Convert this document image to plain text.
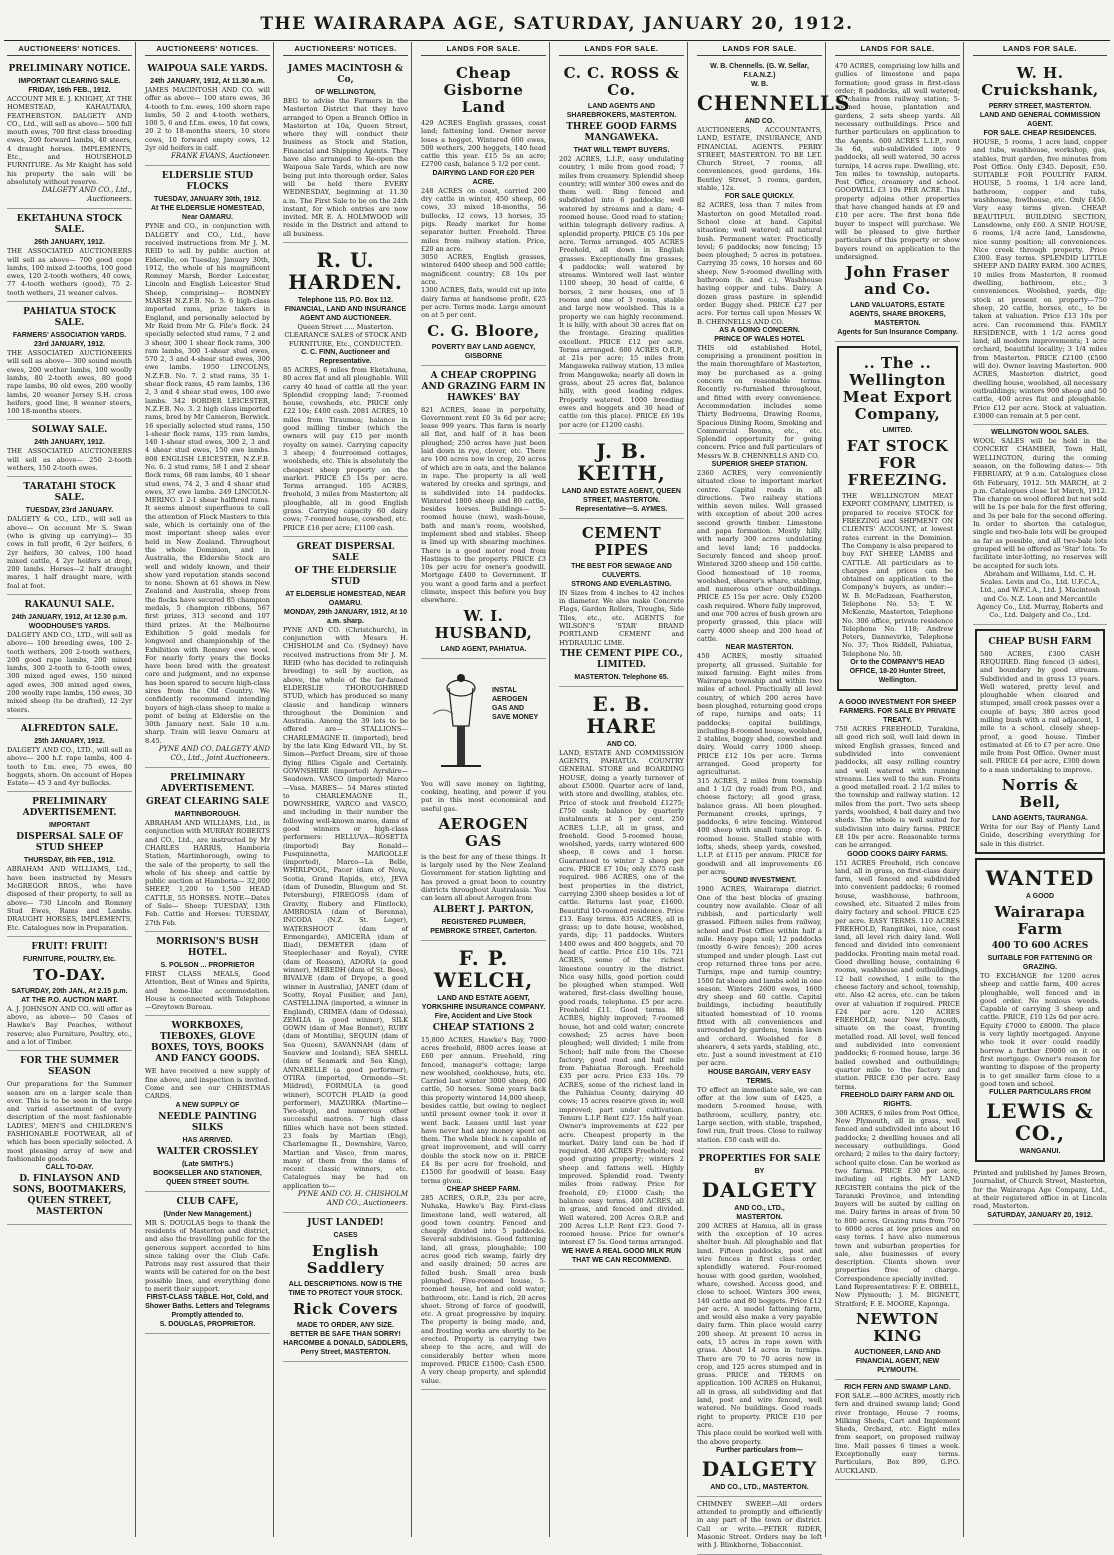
THE WAIRARAPA AGE, SATURDAY, JANUARY 20, 1912.
AUCTIONEERS' NOTICES.
PRELIMINARY NOTICE.
IMPORTANT CLEARING SALE.
FRIDAY, 16th FEB., 1912.

ACCOUNT MR E. J. KNIGHT, AT THE HOMESTEAD, KAHAUTARA, FEATHERSTON. DALGETY AND CO., Ltd., will sell as above— 500 full mouth ewes, 700 first class breeding ewes, 200 forward lambs, 40 steers, 4 draught horses. IMPLEMENTS, Etc., and HOUSEHOLD FURNITURE. As Mr Knight has sold his property the sale will be absolutely without reserve.

DALGETY AND CO., Ltd., Auctioneers.
EKETAHUNA STOCK SALE.
26th JANUARY, 1912.

THE ASSOCIATED AUCTIONEERS will sell as above— 700 good cope lambs, 100 mixed 2-tooths, 100 good ewes, 120 2-tooth wethers, 40 cows, 77 4-tooth wethers (good), 75 2-tooth wethers, 21 weaner calves.

PAHIATUA STOCK SALE.
FARMERS' ASSOCIATION YARDS.
23rd JANUARY, 1912.

THE ASSOCIATED AUCTIONEERS will sell as above— 300 sound mouth ewes, 200 wether lambs, 100 woolly lambs, 80 2-tooth ewes, 80 good rape lambs, 80 old ewes, 200 woolly lambs, 20 weaner Jersey S.H. cross heifers, good line, 8 weaner steers, 100 18-months steers.

SOLWAY SALE.
24th JANUARY, 1912.

THE ASSOCIATED AUCTIONEERS will sell as above— 250 2-tooth wethers, 150 2-tooth ewes.

TARATAHI STOCK SALE.
TUESDAY, 23rd JANUARY.

DALGETY & CO., LTD., will sell as above— On account Mr S. Swan (who is giving up carrying)— 35 cows in full profit, 6 2yr heifers, 6 2yr heifers, 30 calves, 100 head mixed cattle, 4 2yr heifers at drop, 200 lambs. Horses—2 half draught mares, 1 half draught mare, with foal at foot.

RAKAUNUI SALE.
24th JANUARY, 1912, At 12.30 p.m.
WOODHOUSE'S YARDS.

DALGETY AND CO., LTD., will sell as above— 100 breeding ewes, 100 2-tooth wethers, 200 2-tooth wethers, 200 good rape lambs, 200 mixed lambs, 300 2-tooth to 6-tooth ewes, 300 mixed aged ewes, 150 mixed aged ewes, 300 mixed aged ewes, 200 woolly rape lambs, 150 ewes, 30 mixed sheep (to be drafted), 12 2yr steers.

ALFREDTON SALE.
25th JANUARY, 1912.

DALGETY AND CO., LTD., will sell as above— 200 h.f. rape lambs, 400 4-tooth to f.m. ewe, 75 ewes, 80 hoggets, shorn. On account of Hopes Estate— 45 3 and 4yr bullocks.

PRELIMINARY ADVERTISEMENT.
IMPORTANT
DISPERSAL SALE OF STUD SHEEP
THURSDAY, 8th FEB., 1912.

ABRAHAM AND WILLIAMS, Ltd., have been instructed by Messrs McGREGOR BROS., who have disposed of their property, to sell as above— 730 Lincoln and Romney Stud Ewes, Rams and Lambs. DRAUGHT HORSES, IMPLEMENTS, Etc. Catalogues now in Preparation.

FRUIT! FRUIT!
FURNITURE, POULTRY, Etc.
TO-DAY.
SATURDAY, 20th JAN., At 2.15 p.m.
AT THE P.O. AUCTION MART.

A. J. JOHNSON AND CO. will offer as above, as above— 50 Cases of Hawke's Bay Peaches, without reserve; also Furniture, Poultry, etc., and a lot of Timber.

FOR THE SUMMER SEASON

Our preparations for the Summer season are on a larger scale than ever. This is to be seen in the large and varied assortment of every description of the most fashionable LADIES', MEN'S and CHILDREN'S FASHIONABLE FOOTWEAR, all of which has been specially selected. A most pleasing array of new and fashionable goods.

CALL TO-DAY.
D. FINLAYSON AND SONS, BOOTMAKERS, QUEEN STREET, MASTERTON
AUCTIONEERS' NOTICES.
WAIPOUA SALE YARDS.
24th JANUARY, 1912, At 11.30 a.m.

JAMES MACINTOSH AND CO. will offer as above— 100 store ewes, 36 4-tooth to f.m. ewes, 100 shorn rape lambs, 50 2 and 4-tooth wethers, 100 5, 6 and f.f.m. ewes, 10 fat cows, 20 2 to 18-months steers, 10 store cows, 10 forward empty cows, 12 2yr old heifers in calf.

FRANK EVANS, Auctioneer.
ELDERSLIE STUD FLOCKS
TUESDAY, JANUARY 30th, 1912.
At THE ELDERSLIE HOMESTEAD, Near OAMARU.

PYNE and CO., in conjunction with DALGETY and CO., Ltd., have received instructions from Mr J. M. REID to sell by public auction at Elderslie, on Tuesday, January 30th, 1912, the whole of his magnificent Romney Marsh, Border Leicester, Lincoln and English Leicester Stud Sheep, comprising— ROMNEY MARSH N.Z.F.B. No. 5. 6 high-class imported rams, prize takers in England, and personally selected by Mr Reid from Mr G. File's flock. 24 specially selected stud rams, 7 2 and 3 shear, 300 1 shear flock rams, 300 ram lambs, 300 1-shear stud ewes, 570 2, 3 and 4-shear stud ewes, 300 ewe lambs. 1950 LINCOLNS, N.Z.F.B. No. 7. 2 stud rams, 35 1-shear flock rams, 45 ram lambs, 136 2, 3 and 4 shear stud ewes, 100 ewe lambs. 342 BORDER LEICESTER, N.Z.F.B. No. 3. 2 high class imported rams, bred by Mr Cameron, Berwick. 16 specially selected stud rams, 150 1-shear flock rams, 135 ram lambs, 140 1-shear stud ewes, 300 2, 3 and 4 shear stud ewes, 150 ewe lambs. 808 ENGLISH LEICESTER, N.Z.F.B. No. 6. 2 stud rams, 58 1 and 2 shear flock rams, 68 ram lambs, 40 1 shear stud ewes, 74 2, 3 and 4 shear stud ewes, 37 ewe lambs. 249 LINCOLN-MERINO. 1 2-1 shear halfbred rams. It seems almost superfluous to call the attention of Flock Masters to this sale, which is certainly one of the most important sheep sales ever held in New Zealand. Throughout the whole Dominion, and in Australia, the Elderslie Stock are well and widely known, and their show yard reputation stands second to none. Shown at 61 shows in New Zealand and Australia, sheep from the flocks have secured 85 champion medals, 5 champion ribbons, 567 first prizes, 313 second and 107 third prizes. At the Melbourne Exhibition 5 gold medals for longwool and championship of the Exhibition with Romney ewe wool. For nearly forty years the flocks have been bred with the greatest care and judgment, and no expense has been spared to secure high-class sires from the Old Country. We confidently recommend intending buyers of high-class sheep to make a point of being at Elderslie on the 30th January next. Sale 10 a.m. sharp. Train will leave Oamaru at 8.45.

PYNE AND CO. DALGETY AND CO., Ltd., Joint Auctioneers.
PRELIMINARY ADVERTISEMENT.
GREAT CLEARING SALE
MARTINBOROUGH.

ABRAHAM AND WILLIAMS, Ltd., in conjunction with MURRAY ROBERTS and CO., Ltd., are instructed by Mr CHARLES HARRIS, Hamboria Station, Martinborough, owing to the sale of the property, to sell the whole of his sheep and cattle by public auction at Hamboria— 32,000 SHEEP, 1,200 to 1,500 HEAD CATTLE, 55 HORSES. NOTE—Dates of Sale— Sheep: TUESDAY, 13th Feb. Cattle and Horses: TUESDAY, 27th Feb.

MORRISON'S BUSH HOTEL.
S. POLSON ... PROPRIETOR

FIRST CLASS MEALS, Good Attention, Best of Wines and Spirits, and home-like accommodation. House is connected with Telephone—Greytown Bureau.

WORKBOXES, TIEBOXES, GLOVE BOXES, TOYS, BOOKS AND FANCY GOODS.

WE have received a new supply of fine above, and inspection is invited. Come and see our CHRISTMAS CARDS.

A NEW SUPPLY OF
NEEDLE PAINTING SILKS
HAS ARRIVED.
WALTER CROSSLEY
(Late SMITH'S.)
BOOKSELLER AND STATIONER, QUEEN STREET SOUTH.
CLUB CAFE,
(Under New Management.)

MR S. DOUGLAS begs to thank the residents of Masterton and district, and also the travelling public for the generous support accorded to him since taking over the Club Cafe. Patrons may rest assured that their wants will be catered for on the best possible lines, and everything done to merit their support.

FIRST-CLASS TABLE. Hot, Cold, and Shower Baths. Letters and Telegrams Promptly attended to.
S. DOUGLAS, PROPRIETOR.
AUCTIONEERS' NOTICES.
JAMES MACINTOSH & Co,
OF WELLINGTON,

BEG to advise the Farmers in the Masterton District that they have arranged to Open a Branch Office in Masterton at 10a, Queen Street, where they will conduct their business as Stock and Station, Financial and Shipping Agents. They have also arranged to Re-open the Waipoua Sale Yards, which are now being put into thorough order. Sales will be held there EVERY WEDNESDAY, beginning at 11.30 a.m. The First Sale to be on the 24th instant, for which entries are now invited. MR E. A. HOLMWOOD will reside in the District and attend to all business.

R. U. HARDEN.
Telephone 115. P.O. Box 112.
FINANCIAL, LAND AND INSURANCE AGENT AND AUCTIONEER.

Queen Street ..... Masterton. CLEARANCE SALES of STOCK AND FURNITURE, Etc., CONDUCTED.

C. C. FINN, Auctioneer and Representative.

85 ACRES, 6 miles from Eketahuna, 80 acres flat and all ploughable. Will carry 40 head of cattle all the year. Splendid cropping land; 7-roomed house, cowsheds, etc. PRICE only £22 10s; £400 cash. 2081 ACRES, 10 miles from Tiraumea; balance in good milling timber (which the owners will pay £15 per month royalty on same). Carrying capacity 3 sheep; 4 fourroomed cottages, woolsheds, etc. This is absolutely the cheapest sheep property on the market. PRICE £5 15s per acre. Terms arranged. 105 ACRES, freehold, 3 miles from Masterton; all ploughable, all in good English grass. Carrying capacity 60 dairy cows; 7-roomed house, cowshed, etc. PRICE £16 per acre; £1100 cash.

GREAT DISPERSAL SALE
OF THE ELDERSLIE STUD
AT ELDERSLIE HOMESTEAD, NEAR OAMARU.
MONDAY, 29th JANUARY, 1912, At 10 a.m. sharp.

PYNE AND CO. (Christchurch), in conjunction with Messrs H. CHISHOLM and Co. (Sydney) have received instructions from Mr J. M. REID (who has decided to relinquish breeding) to sell by auction, as above, the whole of the far-famed ELDERSLIE THOROUGHBRED STUD, which has produced so many classic and handicap winners throughout the Dominion and Australia. Among the 39 lots to be offered are— STALLIONS— CHARLEMAGNE II. (imported), bred by the late King Edward VII., by St. Simon—Perfect Dream, sire of those flying fillies Cigale and Certainly. GOWNSHIRE (imported) Ayrshire—Seadown. VASCO (imported) Marco—Vasa. MARES— 54 Mares stinted to CHARLEMAGNE II., DOWNSHIRE, VARCO and VASCO, and including in their number the following well-known mares, dams of good winners or high-class performers: HELLUVA—ROSETTA (imported) Bay Ronald—Fusquinnetta, MARGOLLE (imported), Marco—La Belle, WHIRLPOOL, Pacer (dam of Nova, Scotia, Grand Rapids, etc), JEVA (dam of Dunedin, Bluegum and St. Petersburg), FIREGOSS (dam of Gravity, Rubery and Flintlock), AMBROSIA (dam of Berenna), INCODA (N.Z. St. Leger), WATERSHOOT (dam of Ermengarde), AMICERA (dam of Iliad), DEMETER (dam of Steeplechaser and Royal), CYRE (dam of Reason), ADORA (a good winner), MEREDH (dam of St. Bees), BIVALVE (dam of Dryope, a good winner in Australia), JANET (dam of Scotty, Royal Fusilier, and Jan), CASTELLINA (imported, a winner in England), CRIMEA (dam of Odessa), ZEMLIA (a good winner), SILK GOWN (dam of Mae Bonnet), RUBY (dam of Montilla), SEQUIN (dam of Sea Queen), SAVANNAH (dam of Seaview and Iceland), SEA SHELL (dam of Seamark and Sea King), ANNABELLE (a good performer), OTIRA (imported, Ormonde—St. Mildred), FORMULA (a good winner), SCOTCH PLAID (a good performer), MAZURKA (Martine—Two-step), and numerous other successful matrons. 7 high class fillies which have not been stinted. 23 foals by Martian (Eng), Charlemagne II., Downshire, Varco, Martian and Vasco, from mares, many of them from the dams of recent classic winners, etc. Catalogues may be had on application to—

PYNE AND CO. H. CHISHOLM AND CO., Auctioneers.
JUST LANDED!
CASES
English Saddlery
ALL DESCRIPTIONS. NOW IS THE TIME TO PROTECT YOUR STOCK.
Rick Covers
MADE TO ORDER, ANY SIZE. BETTER BE SAFE THAN SORRY!
HARCOMBE & DONALD, SADDLERS, Perry Street, MASTERTON.
LANDS FOR SALE.
Cheap Gisborne Land

429 ACRES English grasses, coast land; fattening land. Owner never loses a hogget. Wintered 600 ewes, 500 wethers, 200 hoggets, 140 head cattle this year. £15 5s an acre; £2700 cash, balance 5 1/2 per cent.

DAIRYING LAND FOR £20 PER ACRE.

248 ACRES on coast, carried 200 dry cattle in winter, 450 sheep, 66 cows, 33 mixed 18-months, 56 bullocks, 12 cows, 13 horses, 35 pigs. Ready market for home separator butter. Freehold. Three miles from railway station. Price, £20 an acre.

3050 ACRES, English grasses, wintered 6400 sheep and 500 cattle; magnificent country; £8 10s per acre.

1300 ACRES, flats, would cut up into dairy farms at handsome profit. £25 per acre. Terms made. Large amount on at 5 per cent.

C. G. Bloore,
POVERTY BAY LAND AGENCY, GISBORNE
A CHEAP CROPPING AND GRAZING FARM IN HAWKES' BAY

821 ACRES, lease in perpetuity, Government rent £0 3s 6d per acre; lease 999 years. This farm is nearly all flat, and half of it has been ploughed; 250 acres have just been laid down in rye, clover, etc. There are 100 acres now in crop, 20 acres of which are in oats, and the balance in rape. The property is all well watered by creeks and springs, and is subdivided into 14 paddocks. Wintered 1800 sheep and 80 cattle, besides horses. Buildings— 5-roomed house (new), wash-house, bath and man's room, woolshed, implement shed and stables. Sheep is lined up with shearing machines. There is a good motor road from Hastings to the property. PRICE £3 10s per acre for owner's goodwill. Mortgage £400 to Government. If you want a good farm and a perfect climate, inspect this before you buy elsewhere.

W. I. HUSBAND,
LAND AGENT, PAHIATUA.
INSTAL AEROGEN GAS AND SAVE MONEY

You will save money on lighting, cooking, heating, and power if you put in this most economical and useful gas.

AEROGEN GAS

is the best for any of these things. It is largely used by the New Zealand Government for station lighting and has proved a great boon to country districts throughout Australasia. You can learn all about Aerogen from

ALBERT J. PARTON,
REGISTERED PLUMBER, PEMBROKE STREET, Carterton.
F. P. WELCH,
LAND AND ESTATE AGENT, YORKSHIRE INSURANCE COMPANY. Fire, Accident and Live Stock
CHEAP STATIONS 2

15,800 ACRES, Hawke's Bay, 7000 acres freehold, 8800 acres lease at £60 per annum. Freehold, ring fenced, manager's cottage; large new woolshed, cookhouse, huts, etc. Carried last winter 3000 sheep, 600 cattle, 50 horses. Some years back this property wintered 14,000 sheep, besides cattle, but owing to neglect until present owner took it over it went back. Leases until last year have never had any money spent on them. The whole block is capable of great improvement, and will carry double the stock now on it. PRICE £4 8s per acre for freehold, and £1500 for goodwill of lease. Easy terms given.

CHEAP SHEEP FARM.

285 ACRES, O.R.P., 23s per acre, Nuhaka, Hawke's Bay. First-class limestone land, well watered, all good town country. Fenced and cheaply divided into 5 paddocks. Several subdivisions. Good fattening land, all grass, ploughable; 100 acres good rich swamp, fairly dry and easily drained; 50 acres are felled bush. Small area bush ploughed. Five-roomed house, 5-roomed house, hot and cold water, bathroom, etc. Land is rich, 20 acres shoot. Strong of force of goodwill, etc. A great progressive by inquiry. The property is being made, and, and frosting works are shortly to be erected. Property is carrying two sheep to the acre, and will do considerably better when more improved. PRICE £1500; Cash £500. A very cheap property, and splendid value.

LANDS FOR SALE.
C. C. ROSS & Co.
LAND AGENTS AND SHAREBROKERS, MASTERTON.
THREE GOOD FARMS MANGAWEKA.
THAT WILL TEMPT BUYERS.

202 ACRES, L.I.P., easy undulating country, 1 mile from good road; 7 miles from creamery. Splendid sheep country; will winter 300 ewes and do them well. Ring fenced and subdivided into 6 paddocks; well watered by streams and a dam; 4-roomed house. Good road to station; within telegraph delivery radius. A splendid property. PRICE £5 10s per acre. Terms arranged. 405 ACRES Freehold, all down in English grasses. Exceptionally fine grasses; 4 paddocks; well watered by streams. Wintered well last winter 1100 sheep, 30 head of cattle, 6 horses, 2 new houses, one of 5 rooms and one of 3 rooms, stable and large new woolshed. This is a property we can highly recommend. It is hilly, with about 30 acres flat on the frontage. Grazing qualities excellent. PRICE £12 per acre. Terms arranged. 600 ACRES O.R.P., at 21s per acre; 15 miles from Mangaweka railway station, 13 miles from Mangaweka; nearly all down in grass, about 25 acres flat, balance hilly, with good leading ridges. Properly watered. 1000 breeding ewes and hoggets and 30 head of cattle (on this place). PRICE £6 10s per acre (or £1200 cash).

J. B. KEITH,
LAND AND ESTATE AGENT, QUEEN STREET, MASTERTON.
Representative—S. AYMES.
CEMENT PIPES
THE BEST FOR SEWAGE AND CULVERTS.
STRONG AND EVERLASTING.

IN Sizes from 4 inches to 42 inches in diameter. We also make Concrete Flags, Garden Rollers, Troughs, Side Tiles, etc., etc. AGENTS for WILSON'S 'STAR' BRAND PORTLAND CEMENT and HYDRAULIC LIME.

THE CEMENT PIPE CO., LIMITED.
MASTERTON. Telephone 65.
E. B. HARE
AND CO.

LAND, ESTATE AND COMMISSION AGENTS, PAHIATUA. COUNTRY GENERAL STORE and BOARDING HOUSE, doing a yearly turnover of about £5000. Quarter acre of land, with store and dwelling, stables, etc. Price of stock and freehold £1275; £750 cash; balance by quarterly instalments at 5 per cent. 250 ACRES L.I.P., all in grass, and freehold. Good 5-roomed house, woolshed, yards, carry wintered 600 sheep, 8 cows and 1 horse. Guaranteed to winter 2 sheep per acre. PRICE £7 10s; only £575 cash required. 986 ACRES, one of the best properties in the district, carrying 2300 sheep besides a lot of cattle. Returns last year, £1600. Beautiful 10-roomed residence. Price £13. Easy terms. 835 ACRES, all in grass; up to date house, woolshed, yards, dip; 11 paddocks. Winters 1400 ewes and 400 hoggets, and 70 head of cattle. Price £10 10s. 721 ACRES, some of the richest limestone country in the district. Nice easy hills, good portion could be ploughed when stumped. Well watered, first-class dwelling house, good roads, telephone. £5 per acre. Freehold £11. Good terms. 88 ACRES, highly improved; 7-roomed house, hot and cold water; concrete cowshed; 25 acres have been ploughed; well divided; 1 mile from School; half mile from the Cheese factory; good road and half mile from Pahiatua Borough. Freehold £35 per acre. Price £33 10s. 79 ACRES, some of the richest land in the Pahiatua County, dairying 40 cows; 15 acres reserve given in; well improved; part under cultivation. Tenure L.I.P. Rent £27. 15s half year. Owner's improvements at £22 per acre. Cheapest property in the market. Dairy land can be had if required. 400 ACRES Freehold; real good grazing property; winters 2 sheep and fattens well. Highly improved. Splendid road. Twenty miles from railway. Price for freehold, £9; £1000 Cash; the balance easy terms. 400 ACRES, all in grass, and fenced and divided. Well watered. 200 Acres O.R.P. and 200 Acres L.I.P. Rent £23. Good 7-roomed house. Price for owner's interest £7 5s. Good terms arranged.

WE HAVE A REAL GOOD MILK RUN THAT WE CAN RECOMMEND.
LANDS FOR SALE.
W. B. Chennells. (G. W. Sellar, F.I.A.N.Z.)
W. B.
CHENNELLS
AND CO.

AUCTIONEERS, ACCOUNTANTS, LAND, ESTATE, INSURANCE, AND FINANCIAL AGENTS. PERRY STREET, MASTERTON. TO BE LET. Church Street, 7 rooms, all conveniences, good gardens, 16s. Bentley Street, 5 rooms, garden, stable, 12s.

FOR SALE QUICKLY.

82 ACRES, less than 7 miles from Masterton on good Metalled road. School close at hand. Capital situation; well watered; all natural bush. Permanent water. Practically level; 6 paddocks; now fencing; 15 been ploughed; 5 acres in potatoes. Carrying 35 cows, 10 horses and 60 sheep. New 5-roomed dwelling with bathroom (h. and c.). Washhouse having copper and tubs. Dairy. A dozen grass pasture in splendid order. Buggy shed. PRICE £27 per acre. For terms call upon Messrs W. B. CHENNELLS AND CO.

AS A GOING CONCERN.
PRINCE OF WALES HOTEL

THIS old established Hotel, comprising a prominent position in the main thoroughfare of Masterton, may be purchased as a going concern on reasonable terms. Recently re-furnished throughout, and fitted with every convenience. Accommodation includes some Thirty Bedrooms, Drawing Rooms, Spacious Dining Room, Smoking and Commercial Rooms, etc., etc. Splendid opportunity for going concern. Price and full particulars of Messrs W. B. CHENNELLS AND CO.

SUPERIOR SHEEP STATION.

2360 ACRES, very conveniently situated close to important market centre. Capital roads in all directions. Two railway stations within seven miles. Well grassed with exception of about 200 acres second growth timber. Limestone and papa formation. Mostly hilly, with nearly 300 acres undulating and level land; 16 paddocks. Securely fenced and sheep proof. Wintered 3200 sheep and 150 cattle. Good homestead of 10 rooms, woolshed, shearer's whare, stabling, and numerous other outbuildings. PRICE £5 15s per acre. Only £5200 cash required. Where fully improved, and one 700 acres of bush grown are properly grassed, this place will carry 4000 sheep and 200 head of cattle.

NEAR MASTERTON.

450 ACRES, mostly situated property, all grassed. Suitable for mixed farming. Eight miles from Wairarapa township and within two miles of school. Practically all level country, of which 200 acres have been ploughed, returning good crops of rape, turnips and oats; 11 paddocks; capital buildings, including 8-roomed house, woolshed, 2 stables, buggy shed, cowshed and dairy. Would carry 1000 sheep. PRICE £12 10s per acre. Terms arranged. Good property for agriculturist.

315 ACRES, 2 miles from township and 1 1/2 (by road) from P.O., and cheese factory; all good grass, balance grass. All been ploughed. Permanent creeks, springs, 7 paddocks, 6 wire fencing. Wintered 400 sheep with small tump crop. 6-roomed house. Stalled stable with lofts, sheds, sheep yards, cowshed, L.I.P. at £115 per annum. PRICE for goodwill and all improvements £6 per acre.

SOUND INVESTMENT.

1900 ACRES, Wairarapa district. One of the best blocks of grazing country now available. Clear of all rubbish, and particularly well grassed. Fifteen miles from railway, school and Post Office within half a mile. Heavy papa soil; 12 paddocks (mostly 6-wire fences); 200 acres stumped and under plough. Last cut crop returned three tons per acre. Turnips, rape and turnip country; 1500 fat sheep and lambs sold in one season. Winters 2600 ewes, 1600 dry sheep and 60 cattle. Capital buildings, including beautifully situated homestead of 10 rooms fitted with all conveniences and surrounded by gardens, tennis lawn and orchard. Woolshed for 8 shearers, 4 sets yards, stabling, etc., etc. Just a sound investment at £10 per acre.

HOUSE BARGAIN, VERY EASY TERMS.

TO effect an immediate sale, we can offer at the low sum of £425, a modern 5-roomed house, with bathroom, scullery, pantry, etc. Large section, with stable, trapshed, fowl run, fruit trees. Close to railway station. £50 cash will do.

PROPERTIES FOR SALE
BY
DALGETY
AND CO., LTD.,
MASTERTON.

200 ACRES at Hamua, all in grass with the exception of 10 acres shelter bush. All ploughable and flat land. Fifteen paddocks, post and wire fences in first class order, splendidly watered. Four-roomed house with good garden, woolshed, whare, cowshed. Access good, and close to school. Winters 300 ewes, 140 cattle and 80 hoggets. Price £12 per acre. A model fattening farm, and would also make a very payable dairy farm. Thin place would carry 200 sheep. At present 10 acres in oats, 15 acres in rape sown with grass. About 14 acres in turnips. There are 70 to 70 acres now in crop, and 125 acres stumped and in grass. PRICE and TERMS on application. 100 ACRES on Hukanui, all in grass, all subdividing and flat land, post and wire fenced, well watered. No buildings. Good roads right to property. PRICE £10 per acre.

This place could be worked well with the above property.

Further particulars from—
DALGETY
AND CO., LTD., MASTERTON.

CHIMNEY SWEEP.—All orders attended to promptly and efficiently in any part of the town or district. Call or write.—PETER RIDER, Masonic Street. Orders may be left with J. Blinkhorne, Tobacconist.

LANDS FOR SALE.

470 ACRES, comprising low hills and gullies of limestone and papa formation; good grass in first-class order; 8 paddocks, all well watered; 15 chains from railway station; 5-roomed house, plantation and gardens, 2 sets sheep yards. All necessary outbuildings. Price and further particulars on application to the Agents. 600 ACRES L.I.P., rent 3s 6d, sub-subdivided into 9 paddocks, all well watered, 30 acres turnips, 14 acres rape. Dwelling, etc. Ten miles to township, autoparts. Post Office, creamery and school. GOODWILL £3 10s PER ACRE. This property adjoins other properties that have changed hands at £9 and £10 per acre. The first bona fide buyer to inspect will purchase. We will be pleased to give further particulars of this property or show buyers round on application to the undersigned.

John Fraser and Co.
LAND VALUATORS, ESTATE AGENTS, SHARE BROKERS, MASTERTON.
Agents for Sun Insurance Company.
.. The .. Wellington Meat Export Company,
LIMITED.
FAT STOCK FOR FREEZING.

THE WELLINGTON MEAT EXPORT COMPANY, LIMITED, is prepared to receive STOCK for FREEZING and SHIPMENT ON CLIENTS' ACCOUNT, at lowest rates current in the Dominion. The Company is also prepared to buy FAT SHEEP, LAMBS and CATTLE. All particulars as to charges and prices can be obtained on application to the Company's buyers, as under:— W. B. McFadzean, Featherston, Telephone No. 53; T. W. McKenzie, Masterton, Telephone No. 306 office, private residence Telephone No. 118; Andrew Peters, Dannevirke, Telephone No. 37; Thos Riddell, Pahiatua, Telephone No. 50.

Or to the COMPANY'S HEAD OFFICE, 18-20 Hunter Street, Wellington.
A GOOD INVESTMENT FOR SHEEP FARMERS. FOR SALE BY PRIVATE TREATY.

750 ACRES FREEHOLD, Turakina, all good rich soil, well laid down in mixed English grasses, fenced and subdivided into convenient paddocks, all easy rolling country and well watered with running streams. Lies well to the sun. Fronts a good metalled road. 2 1/2 miles to the township and railway station. 12 miles from the port. Two sets sheep yards, woolshed, 4 bail dairy and two sheds. The whole is well suited for subdivision into dairy farms. PRICE £8 10s per acre. Reasonable terms can be arranged.

GOOD COOKS DAIRY FARMS.

151 ACRES Freehold, rich concave land, all in grass, on first-class dairy farm, well fenced and subdivided into convenient paddocks; 6 roomed house, washhouse, bathroom, cowshed, etc. Situated 2 miles from dairy factory and school. PRICE £25 per acre. EASY TERMS. 110 ACRES FREEHOLD, Rangitikei, nice, coast land, all level rich dairy land. Well fenced and divided into convenient paddocks. Fronting main metal road. Good dwelling house, containing 6 rooms, washhouse and outbuildings, 12 bail cowshed, 1 mile to the cheese factory and school, township, etc. Also 42 acres, etc. can be taken over at valuation if required. PRICE £24 per acre. 120 ACRES FREEHOLD, near New Plymouth, situate on the coast, fronting metalled road. All level, well fenced and subdivided into convenient paddocks; 6 roomed house, large 36 bailed cowshed and outbuildings; quarter mile to the factory and station. PRICE £30 per acre. Easy terms.

FREEHOLD DAIRY FARM AND OIL RIGHTS.

300 ACRES, 6 miles from Post Office, New Plymouth, all in grass, well fenced and subdivided into about 16 paddocks; 2 dwelling houses and all necessary outbuildings. Good orchard; 2 miles to the dairy factory; school quite close. Can be worked as two farms. PRICE £30 per acre, including oil rights. MY LAND REGISTER contains the pick of the Taranaki Province, and intending buyers will be suited by calling on me. Dairy farms in areas of from 50 to 800 acres. Grazing runs from 750 to 6000 acres at low prices and on easy terms. I have also numerous town and suburban properties for sale, also businesses of every description. Clients shown over properties free of charge. Correspondence specially invited.

Land Representatives: F. E. OBBELL, New Plymouth; J. M. BIGNETT, Stratford; F. E. MOORE, Kaponga.

NEWTON KING
AUCTIONEER, LAND AND FINANCIAL AGENT, NEW PLYMOUTH.
RICH FERN AND SWAMP LAND.

FOR SALE.—800 ACRES, mostly rich fern and drained swamp land; Good river frontage, House 7 rooms, Milking Sheds, Cart and Implement Sheds, Orchard, etc. Eight miles from seaport, on proposed railway line. Mail passes 6 times a week. Exceptionally easy terms. Particulars, Box 899, G.P.O. AUCKLAND.

LANDS FOR SALE.
W. H. Cruickshank,
PERRY STREET, MASTERTON.
LAND AND GENERAL COMMISSION AGENT.
FOR SALE. CHEAP RESIDENCES.

HOUSE, 5 rooms, 1 acre land, copper and tubs, washhouse, workshop, gas, stables, fruit garden, five minutes from Post Office. Only £345. Deposit, £50. SUITABLE FOR POULTRY FARM. HOUSE, 5 rooms, 1 1/4 acre land, bathroom, copper and tubs, washhouse, fowlhouse, etc. Only £450. Very easy terms given. CHEAP. BEAUTIFUL BUILDING SECTION, Lansdowne, only £60. A SNIP. HOUSE, 6 rooms, 1/4 acre land, Lansdowne, nice sunny position; all conveniences. Nice creek through property. Price £300. Easy terms. SPLENDID LITTLE SHEEP AND DAIRY FARM. 300 ACRES, 10 miles from Masterton, 8 roomed dwelling, bathroom, etc.; 3 conveniences. Woolshed, yards, dip; stock at present on property—750 sheep, 20 cattle, horses, etc., to be taken at valuation. Price £13 10s per acre. Can recommend this. FAMILY RESIDENCE, with 1 1/2 acres good land; all modern improvements; 1 acre orchard, beautiful locality; 3 1/4 miles from Masterton. PRICE £2100 (£500 will do). Owner leaving Masterton. 900 ACRES, Masterton district, good dwelling house, woolshed, all necessary outbuildings; winters 900 sheep and 50 cattle, 400 acres flat and ploughable. Price £12 per acre. Stock at valuation. £3000 can remain at 5 per cent.

WELLINGTON WOOL SALES.

WOOL SALES will be held in the CONCERT CHAMBER, Town Hall, WELLINGTON, during the coming season, on the following dates:— 5th FEBRUARY, at 9 a.m. Catalogues close 6th February, 1912. 5th MARCH, at 2 p.m. Catalogues close 1st March, 1912. The charge on wool offered but not sold will be 1s per bale for the first offering, and 3s per bale for the second offering. In order to shorten the catalogue, single and two-bale lots will be grouped as far as possible, and all two-bale lots grouped will be offered as 'Star' lots. To facilitate inter-lotting, no reserves will be accepted for such lots.

Abraham and Williams, Ltd. C. H. Scales. Levin and Co., Ltd. U.F.C.A., Ltd., and W.F.C.A., Ltd. J. Macintosh and Co. N.Z. Loan and Mercantile Agency Co., Ltd. Murray, Roberts and Co., Ltd. Dalgety and Co., Ltd.

CHEAP BUSH FARM

580 ACRES, £300 CASH REQUIRED. Ring fenced (3 sides), and boundary by good stream. Subdivided and in grass 13 years. Well watered, pretty level and ploughable when cleared and stumped, small creek passes over a couple of bays; 380 acres good milling bush with a rail adjacent, 1 mile to a school, closely sheep-proof, a good house. Timber estimated at £6 to £7 per acre. One mile from Post Office. Owner must sell. PRICE £4 per acre, £300 down to a man undertaking to improve.

Norris & Bell,
LAND AGENTS, TAURANGA.

Write for our Bay of Plenty Land Guide, describing everything for sale in this district.

WANTED
A GOOD
Wairarapa Farm
400 TO 600 ACRES
SUITABLE FOR FATTENING OR GRAZING.

TO EXCHANGE for 1200 acres sheep and cattle farm, 400 acres ploughable, well fenced and in good order. No noxious weeds. Capable of carrying 3 sheep and cattle. PRICE, £10 12s 6d per acre. Equity £7000 to £8000. The place is very lightly mortgaged. Anyone who took it over could readily borrow a further £9000 on it on first mortgage. Owner's reason for wanting to dispose of the property is to get smaller farm close to a good town and school.

FULLER PARTICULARS FROM
LEWIS & CO.,
WANGANUI.

Printed and published by James Brown, Journalist, of Church Street, Masterton, for the Wairarapa Age Company, Ltd., at their registered office in at Lincoln road, Masterton.

SATURDAY, JANUARY 20, 1912.
